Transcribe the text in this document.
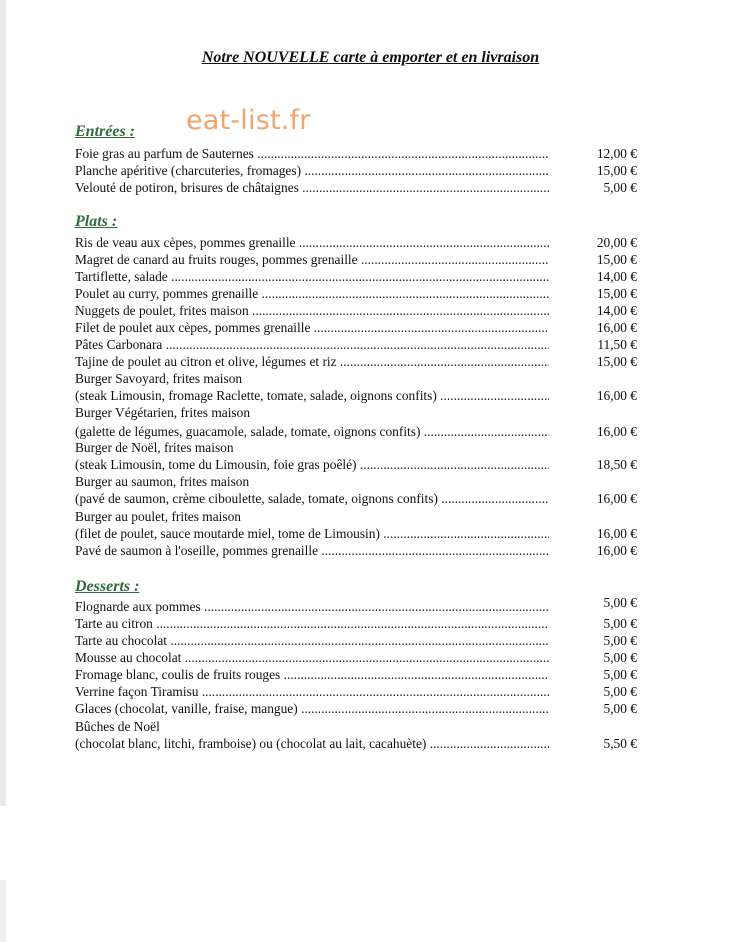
Notre NOUVELLE carte à emporter et en livraison
eat-list.fr
Entrées :
Foie gras au parfum de Sauternes .....	12,00 €
Planche apéritive (charcuteries, fromages) .....	15,00 €
Velouté de potiron, brisures de châtaignes .....	5,00 €
Plats :
Ris de veau aux cèpes, pommes grenaille .....	20,00 €
Magret de canard au fruits rouges, pommes grenaille .....	15,00 €
Tartiflette, salade .....	14,00 €
Poulet au curry, pommes grenaille .....	15,00 €
Nuggets de poulet, frites maison .....	14,00 €
Filet de poulet aux cèpes, pommes grenaille .....	16,00 €
Pâtes Carbonara .....	11,50 €
Tajine de poulet au citron et olive, légumes et riz .....	15,00 €
Burger Savoyard, frites maison
(steak Limousin, fromage Raclette, tomate, salade, oignons confits) .....	16,00 €
Burger Végétarien, frites maison
(galette de légumes, guacamole, salade, tomate, oignons confits) .....	16,00 €
Burger de Noël, frites maison
(steak Limousin, tome du Limousin, foie gras poêlé) .....	18,50 €
Burger au saumon, frites maison
(pavé de saumon, crème ciboulette, salade, tomate, oignons confits) .....	16,00 €
Burger au poulet, frites maison
(filet de poulet, sauce moutarde miel, tome de Limousin) .....	16,00 €
Pavé de saumon à l'oseille, pommes grenaille .....	16,00 €
Desserts :
Flognarde aux pommes .....	5,00 €
Tarte au citron .....	5,00 €
Tarte au chocolat .....	5,00 €
Mousse au chocolat .....	5,00 €
Fromage blanc, coulis de fruits rouges .....	5,00 €
Verrine façon Tiramisu .....	5,00 €
Glaces (chocolat, vanille, fraise, mangue) .....	5,00 €
Bûches de Noël
(chocolat blanc, litchi, framboise) ou (chocolat au lait, cacahuète) .....	5,50 €
